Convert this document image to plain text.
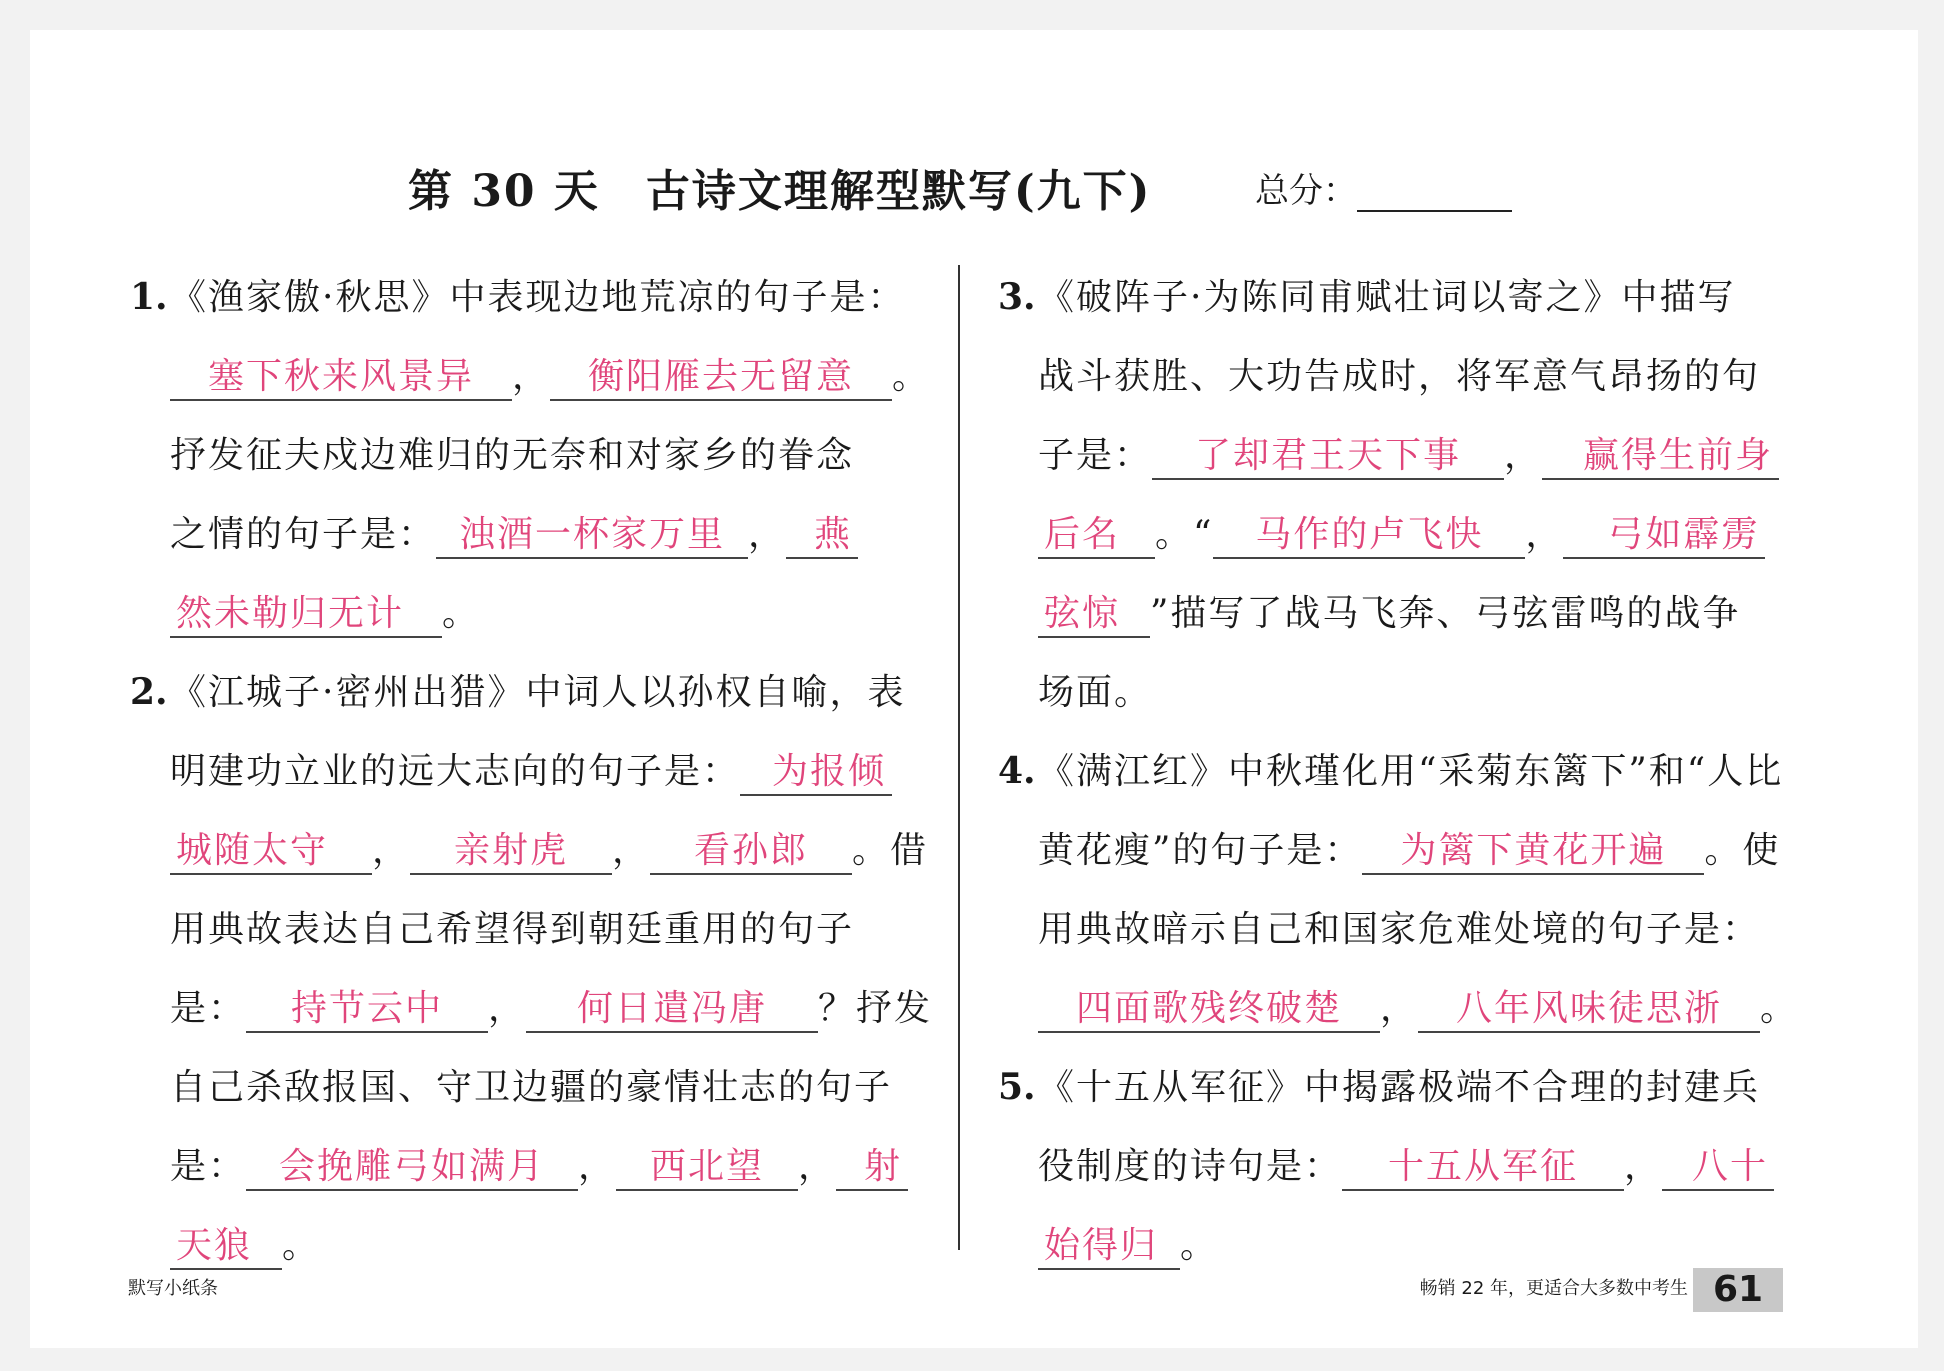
第 30 天　古诗文理解型默写(九下)	总分：
1. 《渔家傲·秋思》中表现边地荒凉的句子是：
塞下秋来风景异 ， 衡阳雁去无留意 。
抒发征夫戍边难归的无奈和对家乡的眷念
之情的句子是： 浊酒一杯家万里 ， 燕
然未勒归无计 。
2. 《江城子·密州出猎》中词人以孙权自喻，表
明建功立业的远大志向的句子是： 为报倾
城随太守 ， 亲射虎 ， 看孙郎 。借
用典故表达自己希望得到朝廷重用的句子
是： 持节云中 ， 何日遣冯唐 ？抒发
自己杀敌报国、守卫边疆的豪情壮志的句子
是： 会挽雕弓如满月 ， 西北望 ， 射
天狼 。
3. 《破阵子·为陈同甫赋壮词以寄之》中描写
战斗获胜、大功告成时，将军意气昂扬的句
子是： 了却君王天下事 ， 赢得生前身
后名 。“ 马作的卢飞快 ， 弓如霹雳
弦惊 ”描写了战马飞奔、弓弦雷鸣的战争
场面。
4. 《满江红》中秋瑾化用“采菊东篱下”和“人比
黄花瘦”的句子是： 为篱下黄花开遍 。使
用典故暗示自己和国家危难处境的句子是：
四面歌残终破楚 ， 八年风味徒思浙 。
5. 《十五从军征》中揭露极端不合理的封建兵
役制度的诗句是： 十五从军征 ， 八十
始得归 。
默写小纸条	畅销 22 年，更适合大多数中考生 61
